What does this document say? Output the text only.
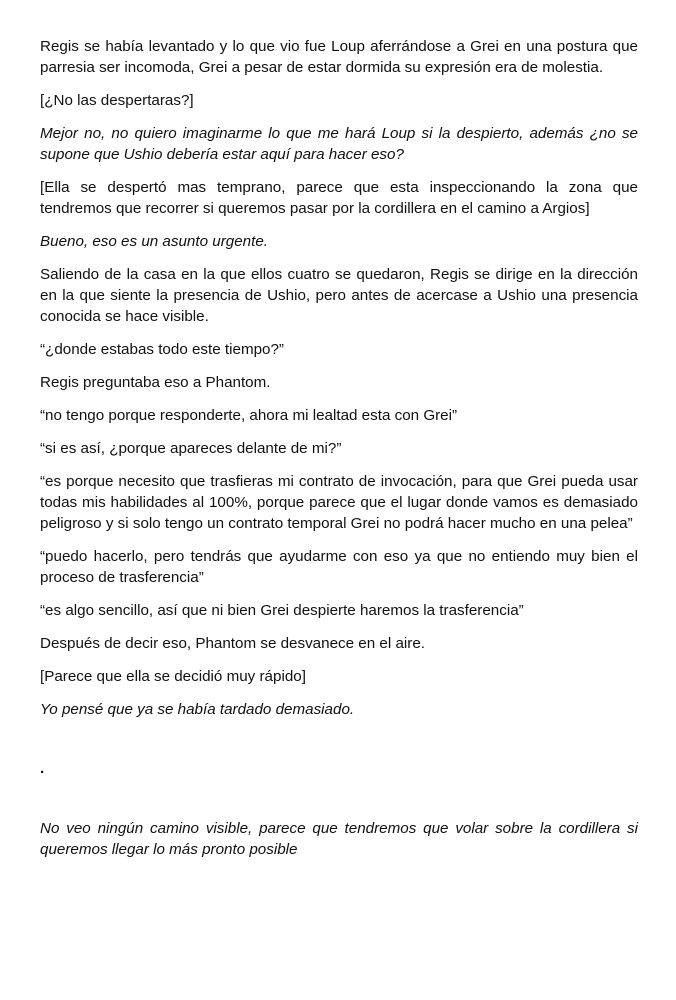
Regis se había levantado y lo que vio fue Loup aferrándose a Grei en una postura que parresia ser incomoda, Grei a pesar de estar dormida su expresión era de molestia.

[¿No las despertaras?]

Mejor no, no quiero imaginarme lo que me hará Loup si la despierto, además ¿no se supone que Ushio debería estar aquí para hacer eso?

[Ella se despertó mas temprano, parece que esta inspeccionando la zona que tendremos que recorrer si queremos pasar por la cordillera en el camino a Argios]

Bueno, eso es un asunto urgente.

Saliendo de la casa en la que ellos cuatro se quedaron, Regis se dirige en la dirección en la que siente la presencia de Ushio, pero antes de acercase a Ushio una presencia conocida se hace visible.

“¿donde estabas todo este tiempo?”

Regis preguntaba eso a Phantom.

“no tengo porque responderte, ahora mi lealtad esta con Grei”

“si es así, ¿porque apareces delante de mi?”

“es porque necesito que trasfieras mi contrato de invocación, para que Grei pueda usar todas mis habilidades al 100%, porque parece que el lugar donde vamos es demasiado peligroso y si solo tengo un contrato temporal Grei no podrá hacer mucho en una pelea”

“puedo hacerlo, pero tendrás que ayudarme con eso ya que no entiendo muy bien el proceso de trasferencia”

“es algo sencillo, así que ni bien Grei despierte haremos la trasferencia”

Después de decir eso, Phantom se desvanece en el aire.

[Parece que ella se decidió muy rápido]

Yo pensé que ya se había tardado demasiado.

.

No veo ningún camino visible, parece que tendremos que volar sobre la cordillera si queremos llegar lo más pronto posible
